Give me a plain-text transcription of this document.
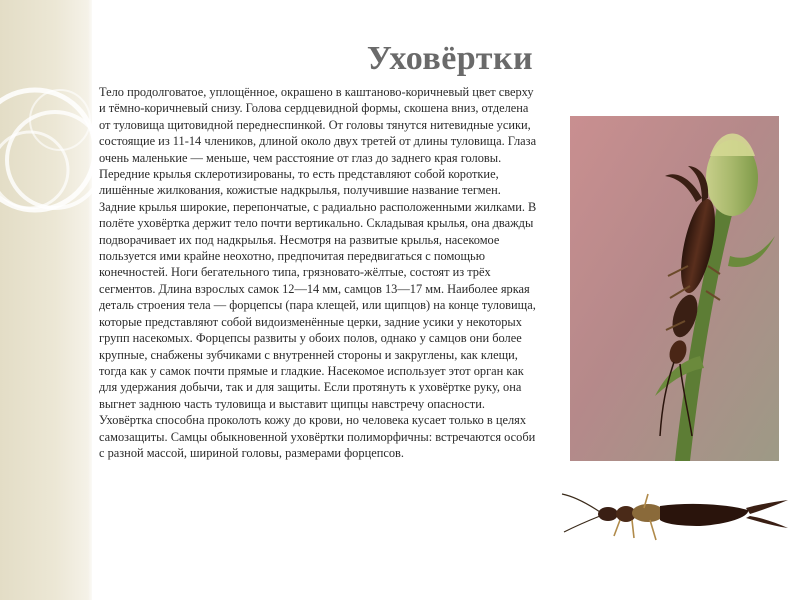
Уховёртки
Тело продолговатое, уплощённое, окрашено в каштаново-коричневый цвет сверху и тёмно-коричневый снизу. Голова сердцевидной формы, скошена вниз, отделена от туловища щитовидной переднеспинкой. От головы тянутся нитевидные усики, состоящие из 11-14 члеников, длиной около двух третей от длины туловища. Глаза очень маленькие — меньше, чем расстояние от глаз до заднего края головы. Передние крылья склеротизированы, то есть представляют собой короткие, лишённые жилкования, кожистые надкрылья, получившие название тегмен. Задние крылья широкие, перепончатые, с радиально расположенными жилками. В полёте уховёртка держит тело почти вертикально. Складывая крылья, она дважды подворачивает их под надкрылья. Несмотря на развитые крылья, насекомое пользуется ими крайне неохотно, предпочитая передвигаться с помощью конечностей. Ноги бегательного типа, грязновато-жёлтые, состоят из трёх сегментов. Длина взрослых самок 12—14 мм, самцов 13—17 мм. Наиболее яркая деталь строения тела — форцепсы (пара клещей, или щипцов) на конце туловища, которые представляют собой видоизменённые церки, задние усики у некоторых групп насекомых. Форцепсы развиты у обоих полов, однако у самцов они более крупные, снабжены зубчиками с внутренней стороны и закруглены, как клещи, тогда как у самок почти прямые и гладкие. Насекомое использует этот орган как для удержания добычи, так и для защиты. Если протянуть к уховёртке руку, она выгнет заднюю часть туловища и выставит щипцы навстречу опасности. Уховёртка способна проколоть кожу до крови, но человека кусает только в целях самозащиты. Самцы обыкновенной уховёртки полиморфичны: встречаются особи с разной массой, шириной головы, размерами форцепсов.
